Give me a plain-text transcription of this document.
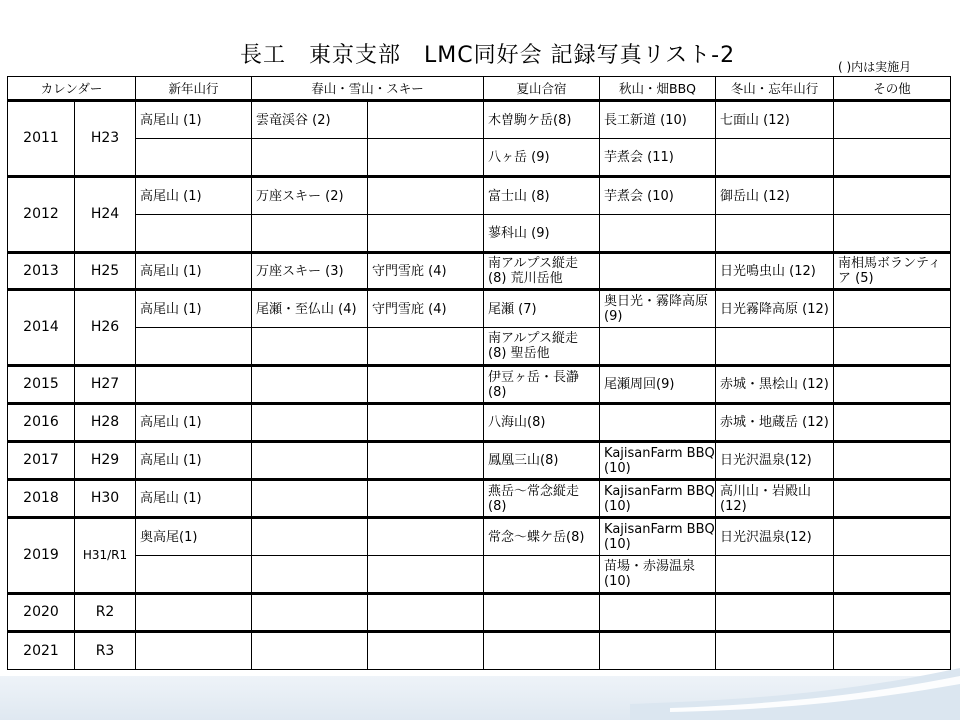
長工　東京支部　LMC同好会 記録写真リスト-2	( )内は実施月
カレンダー		新年山行	春山・雪山・スキー		夏山合宿	秋山・畑BBQ	冬山・忘年山行	その他
2011	H23	高尾山 (1)	雲竜渓谷 (2)		木曽駒ケ岳(8)	長工新道 (10)	七面山 (12)	
					八ヶ岳 (9)	芋煮会 (11)		
2012	H24	高尾山 (1)	万座スキー (2)		富士山 (8)	芋煮会 (10)	御岳山 (12)	
					蓼科山 (9)			
2013	H25	高尾山 (1)	万座スキー (3)	守門雪庇 (4)	南アルプス縦走 (8) 荒川岳他		日光鳴虫山 (12)	南相馬ボランティア (5)
2014	H26	高尾山 (1)	尾瀬・至仏山 (4)	守門雪庇 (4)	尾瀬 (7)	奥日光・霧降高原 (9)	日光霧降高原 (12)	
					南アルプス縦走 (8) 聖岳他			
2015	H27				伊豆ヶ岳・長瀞 (8)	尾瀬周回(9)	赤城・黒桧山 (12)	
2016	H28	高尾山 (1)			八海山(8)		赤城・地蔵岳 (12)	
2017	H29	高尾山 (1)			鳳凰三山(8)	KajisanFarm BBQ (10)	日光沢温泉(12)	
2018	H30	高尾山 (1)			燕岳〜常念縦走 (8)	KajisanFarm BBQ (10)	高川山・岩殿山 (12)	
2019	H31/R1	奥高尾(1)			常念〜蝶ケ岳(8)	KajisanFarm BBQ (10)	日光沢温泉(12)	
						苗場・赤湯温泉 (10)		
2020	R2							
2021	R3							
